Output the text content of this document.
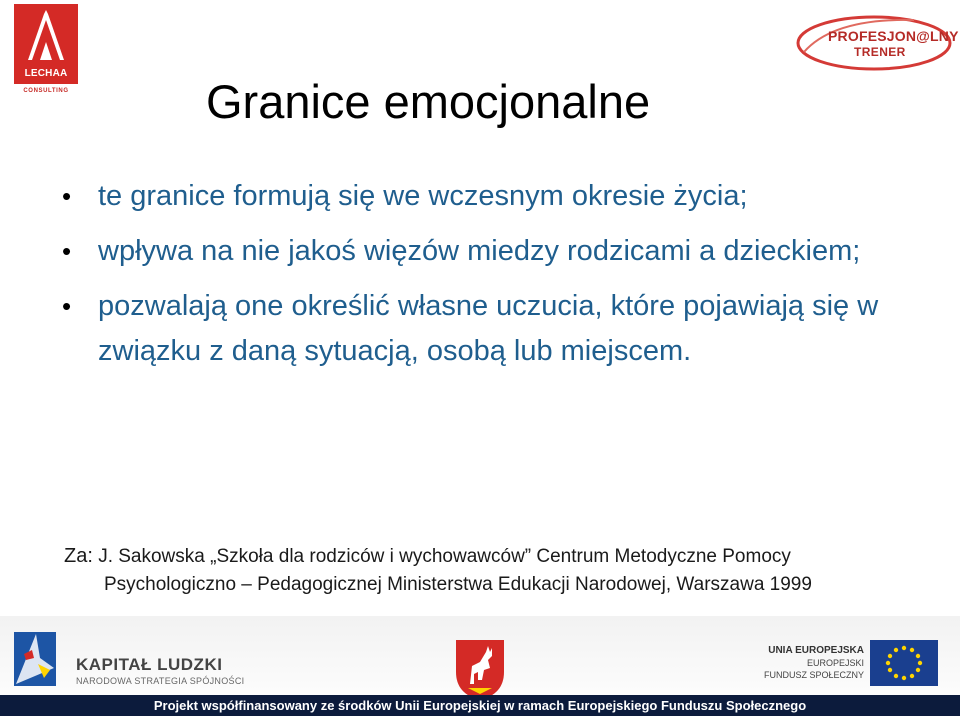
LECHAA
CONSULTING
PROFESJON@LNY
TRENER
Granice emocjonalne
• te granice formują się we wczesnym okresie życia;
• wpływa na nie jakoś więzów miedzy rodzicami a dzieckiem;
• pozwalają one określić własne uczucia, które pojawiają się w związku z daną sytuacją, osobą lub miejscem.
Za: J. Sakowska „Szkoła dla rodziców i wychowawców” Centrum Metodyczne Pomocy
Psychologiczno – Pedagogicznej Ministerstwa Edukacji Narodowej, Warszawa 1999
KAPITAŁ LUDZKI
NARODOWA STRATEGIA SPÓJNOŚCI
UNIA EUROPEJSKA
EUROPEJSKI
FUNDUSZ SPOŁECZNY
Projekt współfinansowany ze środków Unii Europejskiej w ramach Europejskiego Funduszu Społecznego
